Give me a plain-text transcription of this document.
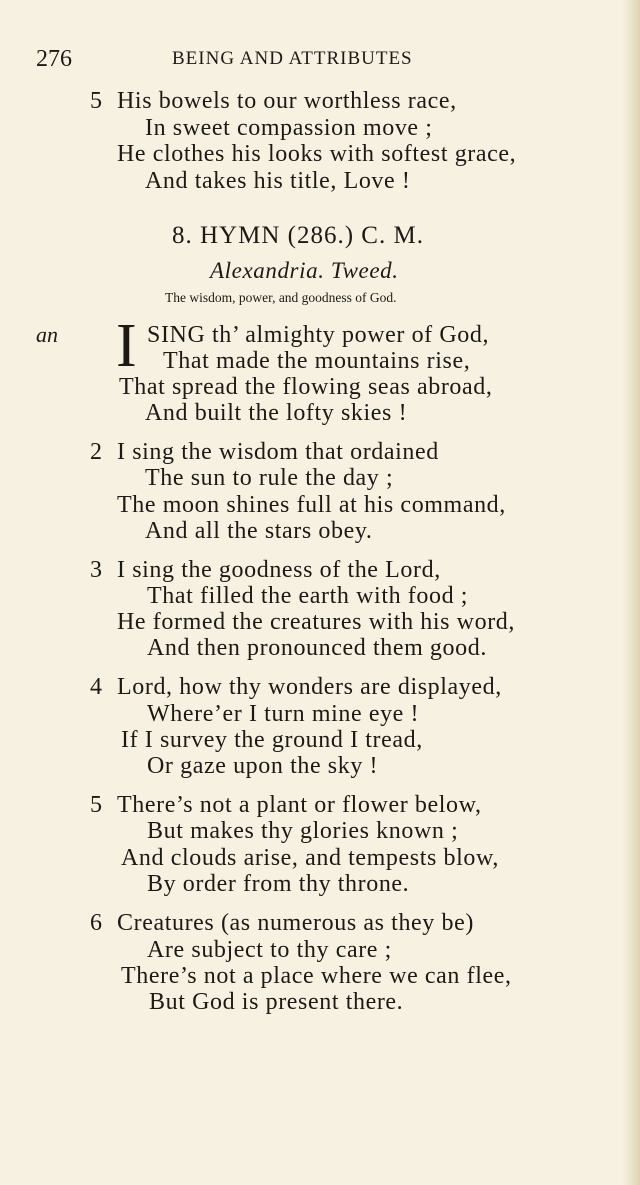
276	BEING AND ATTRIBUTES
5 His bowels to our worthless race,
In sweet compassion move ;
He clothes his looks with softest grace,
And takes his title, Love !
8. HYMN (286.) C. M.
Alexandria. Tweed.
The wisdom, power, and goodness of God.
an I SING th’ almighty power of God,
That made the mountains rise,
That spread the flowing seas abroad,
And built the lofty skies !
2 I sing the wisdom that ordained
The sun to rule the day ;
The moon shines full at his command,
And all the stars obey.
3 I sing the goodness of the Lord,
That filled the earth with food ;
He formed the creatures with his word,
And then pronounced them good.
4 Lord, how thy wonders are displayed,
Where’er I turn mine eye !
If I survey the ground I tread,
Or gaze upon the sky !
5 There’s not a plant or flower below,
But makes thy glories known ;
And clouds arise, and tempests blow,
By order from thy throne.
6 Creatures (as numerous as they be)
Are subject to thy care ;
There’s not a place where we can flee,
But God is present there.
